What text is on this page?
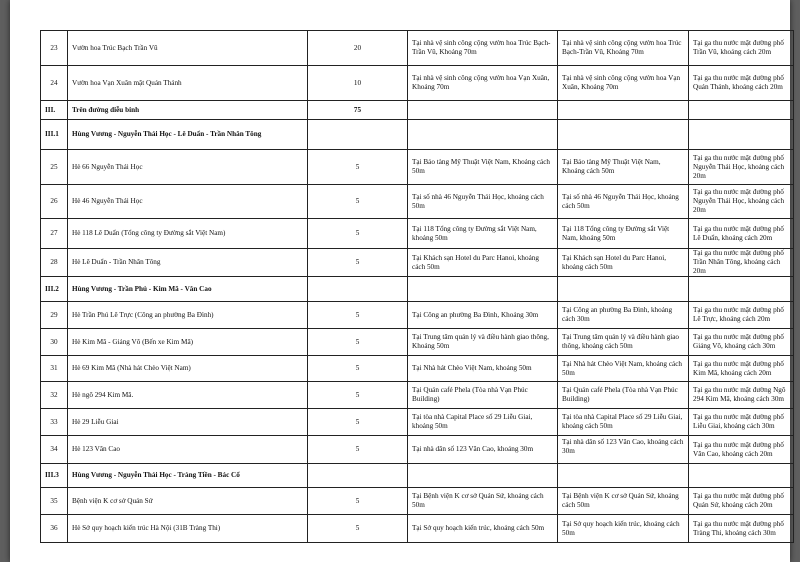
23	Vườn hoa Trúc Bạch Trần Vũ	20	Tại nhà vệ sinh công cộng vườn hoa Trúc Bạch-Trần Vũ, Khoảng 70m	Tại nhà vệ sinh công cộng vườn hoa Trúc Bạch-Trần Vũ, Khoảng 70m	Tại ga thu nước mặt đường phố Trần Vũ, khoảng cách 20m
24	Vườn hoa Vạn Xuân mặt Quán Thánh	10	Tại nhà vệ sinh công cộng vườn hoa Vạn Xuân, Khoảng 70m	Tại nhà vệ sinh công cộng vườn hoa Vạn Xuân, Khoảng 70m	Tại ga thu nước mặt đường phố Quán Thánh, khoảng cách 20m
III.	Trên đường diễu binh	75			
III.1	Hùng Vương - Nguyễn Thái Học - Lê Duẩn - Trần Nhân Tông				
25	Hè 66 Nguyễn Thái Học	5	Tại Bảo tàng Mỹ Thuật Việt Nam, Khoảng cách 50m	Tại Bảo tàng Mỹ Thuật Việt Nam, Khoảng cách 50m	Tại ga thu nước mặt đường phố Nguyễn Thái Học, khoảng cách 20m
26	Hè 46 Nguyễn Thái Học	5	Tại số nhà 46 Nguyễn Thái Học, khoảng cách 50m	Tại số nhà 46 Nguyễn Thái Học, khoảng cách 50m	Tại ga thu nước mặt đường phố Nguyễn Thái Học, khoảng cách 20m
27	Hè 118 Lê Duẩn (Tổng công ty Đường sắt Việt Nam)	5	Tại 118 Tổng công ty Đường sắt Việt Nam, khoảng 50m	Tại 118 Tổng công ty Đường sắt Việt Nam, khoảng 50m	Tại ga thu nước mặt đường phố Lê Duẩn, khoảng cách 20m
28	Hè Lê Duẩn - Trần Nhân Tông	5	Tại Khách sạn Hotel du Parc Hanoi, khoảng cách 50m	Tại Khách sạn Hotel du Parc Hanoi, khoảng cách 50m	Tại ga thu nước mặt đường phố Trần Nhân Tông, khoảng cách 20m
III.2	Hùng Vương - Trần Phú - Kim Mã - Văn Cao				
29	Hè Trần Phú Lê Trực (Công an phường Ba Đình)	5	Tại Công an phường Ba Đình, Khoảng 30m	Tại Công an phường Ba Đình, khoảng cách 30m	Tại ga thu nước mặt đường phố Lê Trực, khoảng cách 20m
30	Hè Kim Mã - Giảng Võ (Bến xe Kim Mã)	5	Tại Trung tâm quản lý và điều hành giao thông, Khoảng 50m	Tại Trung tâm quản lý và điều hành giao thông, khoảng cách 50m	Tại ga thu nước mặt đường phố Giảng Võ, khoảng cách 30m
31	Hè 69 Kim Mã (Nhà hát Chèo Việt Nam)	5	Tại Nhà hát Chèo Việt Nam, khoảng 50m	Tại Nhà hát Chèo Việt Nam, khoảng cách 50m	Tại ga thu nước mặt đường phố Kim Mã, khoảng cách 20m
32	Hè ngõ 294 Kim Mã.	5	Tại Quán café Phela (Tòa nhà Vạn Phúc Building)	Tại Quán café Phela (Tòa nhà Vạn Phúc Building)	Tại ga thu nước mặt đường Ngõ 294 Kim Mã, khoảng cách 30m
33	Hè 29 Liễu Giai	5	Tại tòa nhà Capital Place số 29 Liễu Giai, khoảng 50m	Tại tòa nhà Capital Place số 29 Liễu Giai, khoảng cách 50m	Tại ga thu nước mặt đường phố Liễu Giai, khoảng cách 30m
34	Hè 123 Văn Cao	5	Tại nhà dân số 123 Văn Cao, khoảng 30m	Tại nhà dân số 123 Văn Cao, khoảng cách 30m	Tại ga thu nước mặt đường phố Văn Cao, khoảng cách 20m
III.3	Hùng Vương - Nguyễn Thái Học - Tràng Tiền - Bác Cổ				
35	Bệnh viện K cơ sở Quán Sứ	5	Tại Bệnh viện K cơ sở Quán Sứ, khoảng cách 50m	Tại Bệnh viện K cơ sở Quán Sứ, khoảng cách 50m	Tại ga thu nước mặt đường phố Quán Sứ, khoảng cách 20m
36	Hè Sở quy hoạch kiến trúc Hà Nội (31B Tràng Thi)	5	Tại Sở quy hoạch kiến trúc, khoảng cách 50m	Tại Sở quy hoạch kiến trúc, khoảng cách 50m	Tại ga thu nước mặt đường phố Tràng Thi, khoảng cách 30m
